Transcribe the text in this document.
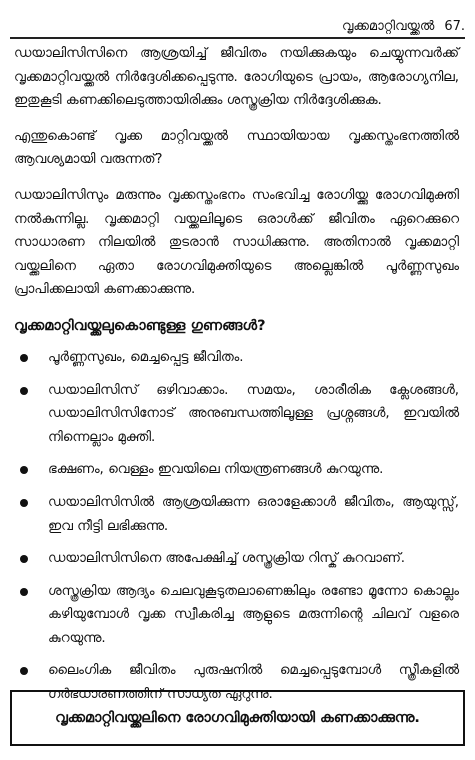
വൃക്കമാറ്റിവയ്ക്കൽ 67.

ഡയാലിസിസിനെ ആശ്രയിച്ച് ജീവിതം നയിക്കുകയും ചെയ്യുന്നവർക്ക് വൃക്കമാറ്റിവയ്ക്കൽ നിർദ്ദേശിക്കപ്പെടുന്നു. രോഗിയുടെ പ്രായം, ആരോഗ്യനില, ഇതുകൂടി കണക്കിലെടുത്തായിരിക്കും ശസ്ത്രക്രിയ നിർദ്ദേശിക്കുക.

എന്തുകൊണ്ട് വൃക്ക മാറ്റിവയ്ക്കൽ സ്ഥായിയായ വൃക്കസ്തംഭനത്തിൽ ആവശ്യമായി വരുന്നത്?

ഡയാലിസിസും മരുന്നും വൃക്കസ്തംഭനം സംഭവിച്ച രോഗിയ്ക്കു രോഗവിമുക്തി നൽകുന്നില്ല. വൃക്കമാറ്റി വയ്ക്കലിലൂടെ ഒരാൾക്ക് ജീവിതം ഏറെക്കുറെ സാധാരണ നിലയിൽ തുടരാൻ സാധിക്കുന്നു. അതിനാൽ വൃക്കമാറ്റി വയ്ക്കലിനെ ഏതാ രോഗവിമുക്തിയുടെ അല്ലെങ്കിൽ പൂർണ്ണസുഖം പ്രാപിക്കലായി കണക്കാക്കുന്നു.

വൃക്കമാറ്റിവയ്ക്കലുകൊണ്ടുള്ള ഗുണങ്ങൾ?
പൂർണ്ണസുഖം, മെച്ചപ്പെട്ട ജീവിതം.
ഡയാലിസിസ് ഒഴിവാക്കാം. സമയം, ശാരീരിക ക്ലേശങ്ങൾ, ഡയാലിസിസിനോട് അനുബന്ധത്തിലൂള്ള പ്രശ്നങ്ങൾ, ഇവയിൽ നിന്നെല്ലാം മുക്തി.
ഭക്ഷണം, വെള്ളം ഇവയിലെ നിയന്ത്രണങ്ങൾ കുറയുന്നു.
ഡയാലിസിസിൽ ആശ്രയിക്കുന്ന ഒരാളേക്കാൾ ജീവിതം, ആയുസ്സ്, ഇവ നീട്ടി ലഭിക്കുന്നു.
ഡയാലിസിസിനെ അപേക്ഷിച്ച് ശസ്ത്രക്രിയ റിസ്ക് കുറവാണ്.
ശസ്ത്രക്രിയ ആദ്യം ചെലവുകൂടുതലാണെങ്കിലും രണ്ടോ മൂന്നോ കൊല്ലം കഴിയുമ്പോൾ വൃക്ക സ്വീകരിച്ച ആളുടെ മരുന്നിന്റെ ചിലവ് വളരെ കുറയുന്നു.
ലൈംഗിക ജീവിതം പുരുഷനിൽ മെച്ചപ്പെടുമ്പോൾ സ്ത്രീകളിൽ ഗർഭധാരണത്തിന് സാധ്യത ഏറുന്നു.
വൃക്കമാറ്റിവയ്ക്കലിനെ രോഗവിമുക്തിയായി കണക്കാക്കുന്നു.
